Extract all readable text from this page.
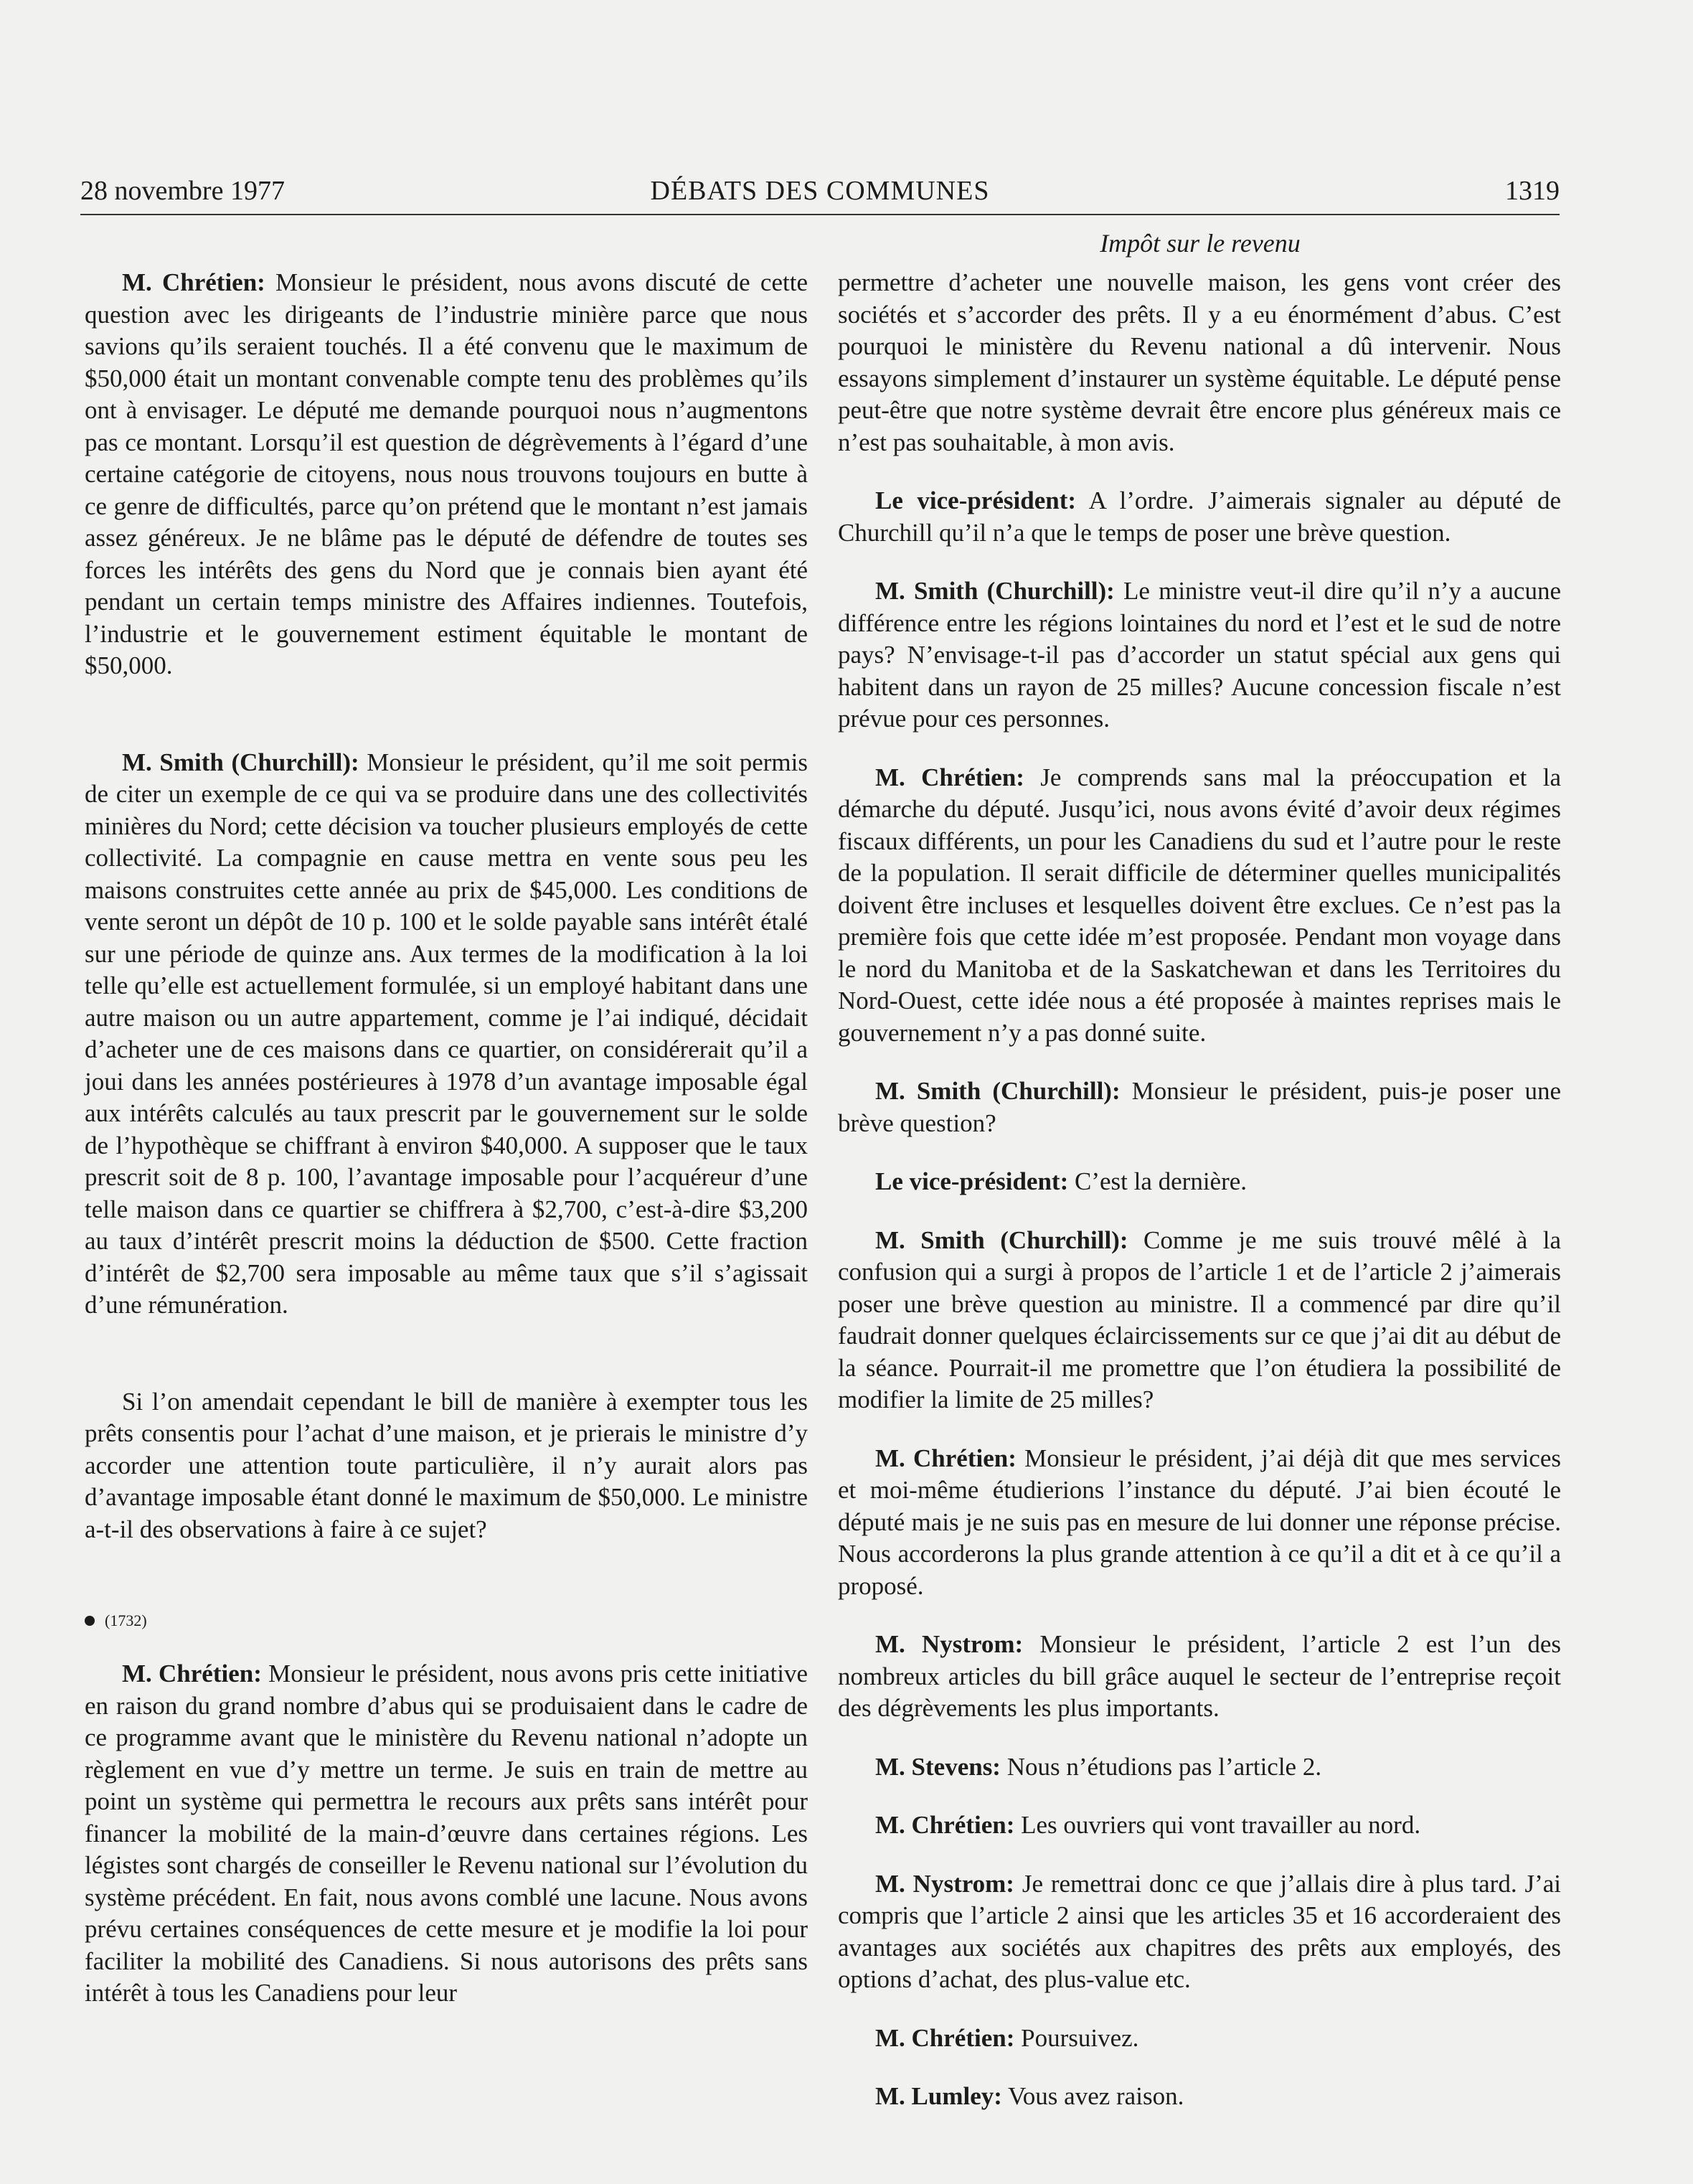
28 novembre 1977	DÉBATS DES COMMUNES	1319
Impôt sur le revenu

M. Chrétien: Monsieur le président, nous avons discuté de cette question avec les dirigeants de l’industrie minière parce que nous savions qu’ils seraient touchés. Il a été convenu que le maximum de $50,000 était un montant convenable compte tenu des problèmes qu’ils ont à envisager. Le député me demande pourquoi nous n’augmentons pas ce montant. Lorsqu’il est question de dégrèvements à l’égard d’une certaine catégorie de citoyens, nous nous trouvons toujours en butte à ce genre de difficultés, parce qu’on prétend que le montant n’est jamais assez généreux. Je ne blâme pas le député de défendre de toutes ses forces les intérêts des gens du Nord que je connais bien ayant été pendant un certain temps ministre des Affaires indiennes. Toutefois, l’industrie et le gouvernement estiment équitable le montant de $50,000.

M. Smith (Churchill): Monsieur le président, qu’il me soit permis de citer un exemple de ce qui va se produire dans une des collectivités minières du Nord; cette décision va toucher plusieurs employés de cette collectivité. La compagnie en cause mettra en vente sous peu les maisons construites cette année au prix de $45,000. Les conditions de vente seront un dépôt de 10 p. 100 et le solde payable sans intérêt étalé sur une période de quinze ans. Aux termes de la modification à la loi telle qu’elle est actuellement formulée, si un employé habitant dans une autre maison ou un autre appartement, comme je l’ai indiqué, décidait d’acheter une de ces maisons dans ce quartier, on considérerait qu’il a joui dans les années postérieures à 1978 d’un avantage imposable égal aux intérêts calculés au taux prescrit par le gouvernement sur le solde de l’hypothèque se chiffrant à environ $40,000. A supposer que le taux prescrit soit de 8 p. 100, l’avantage imposable pour l’acquéreur d’une telle maison dans ce quartier se chiffrera à $2,700, c’est-à-dire $3,200 au taux d’intérêt prescrit moins la déduction de $500. Cette fraction d’intérêt de $2,700 sera imposable au même taux que s’il s’agissait d’une rémunération.

Si l’on amendait cependant le bill de manière à exempter tous les prêts consentis pour l’achat d’une maison, et je prierais le ministre d’y accorder une attention toute particulière, il n’y aurait alors pas d’avantage imposable étant donné le maximum de $50,000. Le ministre a-t-il des observations à faire à ce sujet?

(1732)

M. Chrétien: Monsieur le président, nous avons pris cette initiative en raison du grand nombre d’abus qui se produisaient dans le cadre de ce programme avant que le ministère du Revenu national n’adopte un règlement en vue d’y mettre un terme. Je suis en train de mettre au point un système qui permettra le recours aux prêts sans intérêt pour financer la mobilité de la main-d’œuvre dans certaines régions. Les légistes sont chargés de conseiller le Revenu national sur l’évolution du système précédent. En fait, nous avons comblé une lacune. Nous avons prévu certaines conséquences de cette mesure et je modifie la loi pour faciliter la mobilité des Canadiens. Si nous autorisons des prêts sans intérêt à tous les Canadiens pour leur

permettre d’acheter une nouvelle maison, les gens vont créer des sociétés et s’accorder des prêts. Il y a eu énormément d’abus. C’est pourquoi le ministère du Revenu national a dû intervenir. Nous essayons simplement d’instaurer un système équitable. Le député pense peut-être que notre système devrait être encore plus généreux mais ce n’est pas souhaitable, à mon avis.

Le vice-président: A l’ordre. J’aimerais signaler au député de Churchill qu’il n’a que le temps de poser une brève question.

M. Smith (Churchill): Le ministre veut-il dire qu’il n’y a aucune différence entre les régions lointaines du nord et l’est et le sud de notre pays? N’envisage-t-il pas d’accorder un statut spécial aux gens qui habitent dans un rayon de 25 milles? Aucune concession fiscale n’est prévue pour ces personnes.

M. Chrétien: Je comprends sans mal la préoccupation et la démarche du député. Jusqu’ici, nous avons évité d’avoir deux régimes fiscaux différents, un pour les Canadiens du sud et l’autre pour le reste de la population. Il serait difficile de déterminer quelles municipalités doivent être incluses et lesquelles doivent être exclues. Ce n’est pas la première fois que cette idée m’est proposée. Pendant mon voyage dans le nord du Manitoba et de la Saskatchewan et dans les Territoires du Nord-Ouest, cette idée nous a été proposée à maintes reprises mais le gouvernement n’y a pas donné suite.

M. Smith (Churchill): Monsieur le président, puis-je poser une brève question?

Le vice-président: C’est la dernière.

M. Smith (Churchill): Comme je me suis trouvé mêlé à la confusion qui a surgi à propos de l’article 1 et de l’article 2 j’aimerais poser une brève question au ministre. Il a commencé par dire qu’il faudrait donner quelques éclaircissements sur ce que j’ai dit au début de la séance. Pourrait-il me promettre que l’on étudiera la possibilité de modifier la limite de 25 milles?

M. Chrétien: Monsieur le président, j’ai déjà dit que mes services et moi-même étudierions l’instance du député. J’ai bien écouté le député mais je ne suis pas en mesure de lui donner une réponse précise. Nous accorderons la plus grande attention à ce qu’il a dit et à ce qu’il a proposé.

M. Nystrom: Monsieur le président, l’article 2 est l’un des nombreux articles du bill grâce auquel le secteur de l’entreprise reçoit des dégrèvements les plus importants.

M. Stevens: Nous n’étudions pas l’article 2.

M. Chrétien: Les ouvriers qui vont travailler au nord.

M. Nystrom: Je remettrai donc ce que j’allais dire à plus tard. J’ai compris que l’article 2 ainsi que les articles 35 et 16 accorderaient des avantages aux sociétés aux chapitres des prêts aux employés, des options d’achat, des plus-value etc.

M. Chrétien: Poursuivez.

M. Lumley: Vous avez raison.
